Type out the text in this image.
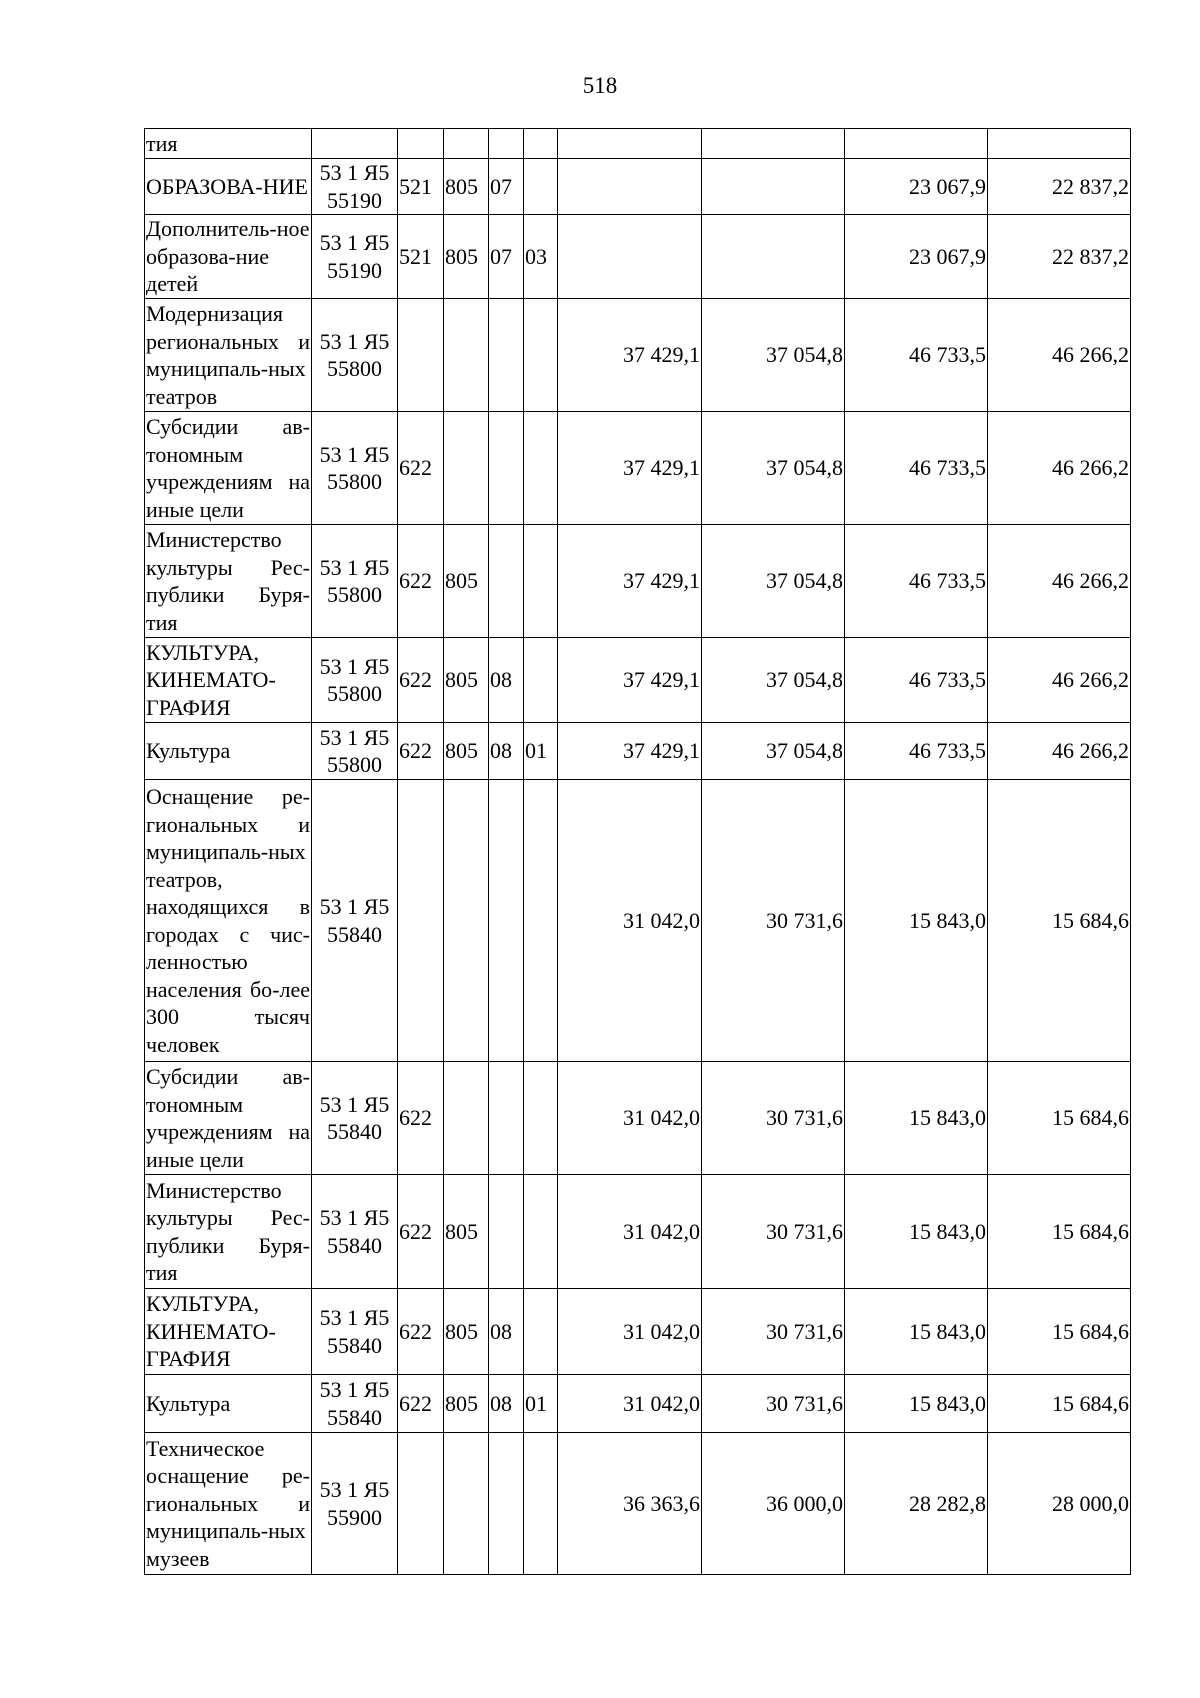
518
тия									
ОБРАЗОВА-НИЕ	53 1 Я5 55190	521	805	07				23 067,9	22 837,2
Дополнитель-ное образова-ние детей	53 1 Я5 55190	521	805	07	03			23 067,9	22 837,2
Модернизация региональных и муниципаль-ных театров	53 1 Я5 55800					37 429,1	37 054,8	46 733,5	46 266,2
Субсидии ав-тономным учреждениям на иные цели	53 1 Я5 55800	622				37 429,1	37 054,8	46 733,5	46 266,2
Министерство культуры Рес-публики Буря-тия	53 1 Я5 55800	622	805			37 429,1	37 054,8	46 733,5	46 266,2
КУЛЬТУРА, КИНЕМАТО-ГРАФИЯ	53 1 Я5 55800	622	805	08		37 429,1	37 054,8	46 733,5	46 266,2
Культура	53 1 Я5 55800	622	805	08	01	37 429,1	37 054,8	46 733,5	46 266,2
Оснащение ре-гиональных и муниципаль-ных театров, находящихся в городах с чис-ленностью населения бо-лее 300 тысяч человек	53 1 Я5 55840					31 042,0	30 731,6	15 843,0	15 684,6
Субсидии ав-тономным учреждениям на иные цели	53 1 Я5 55840	622				31 042,0	30 731,6	15 843,0	15 684,6
Министерство культуры Рес-публики Буря-тия	53 1 Я5 55840	622	805			31 042,0	30 731,6	15 843,0	15 684,6
КУЛЬТУРА, КИНЕМАТО-ГРАФИЯ	53 1 Я5 55840	622	805	08		31 042,0	30 731,6	15 843,0	15 684,6
Культура	53 1 Я5 55840	622	805	08	01	31 042,0	30 731,6	15 843,0	15 684,6
Техническое оснащение ре-гиональных и муниципаль-ных музеев	53 1 Я5 55900					36 363,6	36 000,0	28 282,8	28 000,0
